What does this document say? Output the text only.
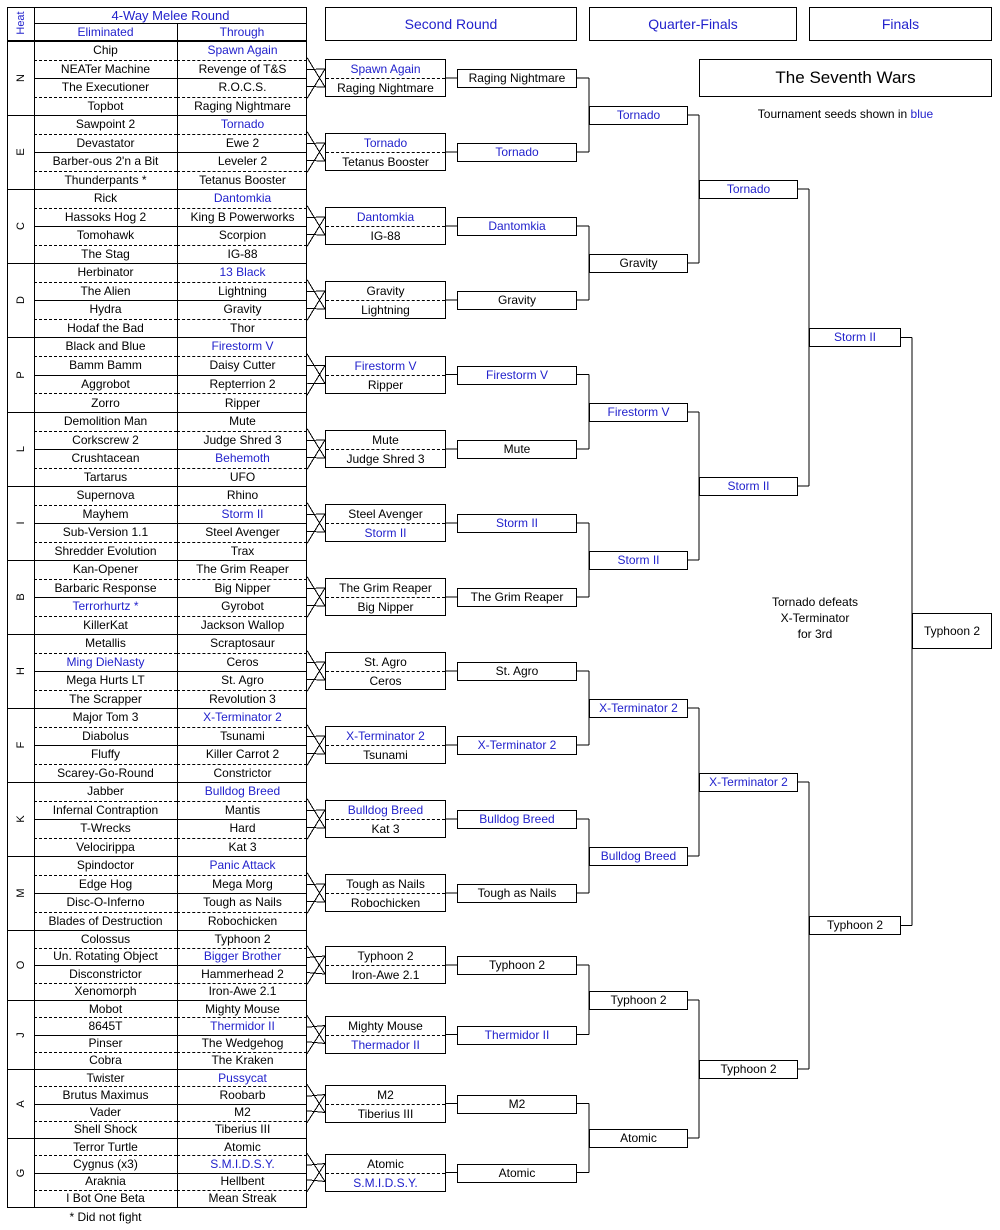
Heat	4-Way Melee Round
Eliminated	Through	Second Round	Quarter-Finals	Finals
The Seventh Wars
Tournament seeds shown in blue
Tornado defeats
X-Terminator
for 3rd
* Did not fight
N
Chip	Spawn Again
NEATer Machine	Revenge of T&S
The Executioner	R.O.C.S.
Topbot	Raging Nightmare
E
Sawpoint 2	Tornado
Devastator	Ewe 2
Barber-ous 2'n a Bit	Leveler 2
Thunderpants *	Tetanus Booster
C
Rick	Dantomkia
Hassoks Hog 2	King B Powerworks
Tomohawk	Scorpion
The Stag	IG-88
D
Herbinator	13 Black
The Alien	Lightning
Hydra	Gravity
Hodaf the Bad	Thor
P
Black and Blue	Firestorm V
Bamm Bamm	Daisy Cutter
Aggrobot	Repterrion 2
Zorro	Ripper
L
Demolition Man	Mute
Corkscrew 2	Judge Shred 3
Crushtacean	Behemoth
Tartarus	UFO
I
Supernova	Rhino
Mayhem	Storm II
Sub-Version 1.1	Steel Avenger
Shredder Evolution	Trax
B
Kan-Opener	The Grim Reaper
Barbaric Response	Big Nipper
Terrorhurtz *	Gyrobot
KillerKat	Jackson Wallop
H
Metallis	Scraptosaur
Ming DieNasty	Ceros
Mega Hurts LT	St. Agro
The Scrapper	Revolution 3
F
Major Tom 3	X-Terminator 2
Diabolus	Tsunami
Fluffy	Killer Carrot 2
Scarey-Go-Round	Constrictor
K
Jabber	Bulldog Breed
Infernal Contraption	Mantis
T-Wrecks	Hard
Velocirippa	Kat 3
M
Spindoctor	Panic Attack
Edge Hog	Mega Morg
Disc-O-Inferno	Tough as Nails
Blades of Destruction	Robochicken
O
Colossus	Typhoon 2
Un. Rotating Object	Bigger Brother
Disconstrictor	Hammerhead 2
Xenomorph	Iron-Awe 2.1
J
Mobot	Mighty Mouse
8645T	Thermidor II
Pinser	The Wedgehog
Cobra	The Kraken
A
Twister	Pussycat
Brutus Maximus	Roobarb
Vader	M2
Shell Shock	Tiberius III
G
Terror Turtle	Atomic
Cygnus (x3)	S.M.I.D.S.Y.
Araknia	Hellbent
I Bot One Beta	Mean Streak
Spawn Again
Raging Nightmare
Tornado
Tetanus Booster
Dantomkia
IG-88
Gravity
Lightning
Firestorm V
Ripper
Mute
Judge Shred 3
Steel Avenger
Storm II
The Grim Reaper
Big Nipper
St. Agro
Ceros
X-Terminator 2
Tsunami
Bulldog Breed
Kat 3
Tough as Nails
Robochicken
Typhoon 2
Iron-Awe 2.1
Mighty Mouse
Thermador II
M2
Tiberius III
Atomic
S.M.I.D.S.Y.
Raging Nightmare
Tornado
Dantomkia
Gravity
Firestorm V
Mute
Storm II
The Grim Reaper
St. Agro
X-Terminator 2
Bulldog Breed
Tough as Nails
Typhoon 2
Thermidor II
M2
Atomic
Tornado
Gravity
Firestorm V
Storm II
X-Terminator 2
Bulldog Breed
Typhoon 2
Atomic
Tornado
Storm II
X-Terminator 2
Typhoon 2
Storm II
Typhoon 2
Typhoon 2
